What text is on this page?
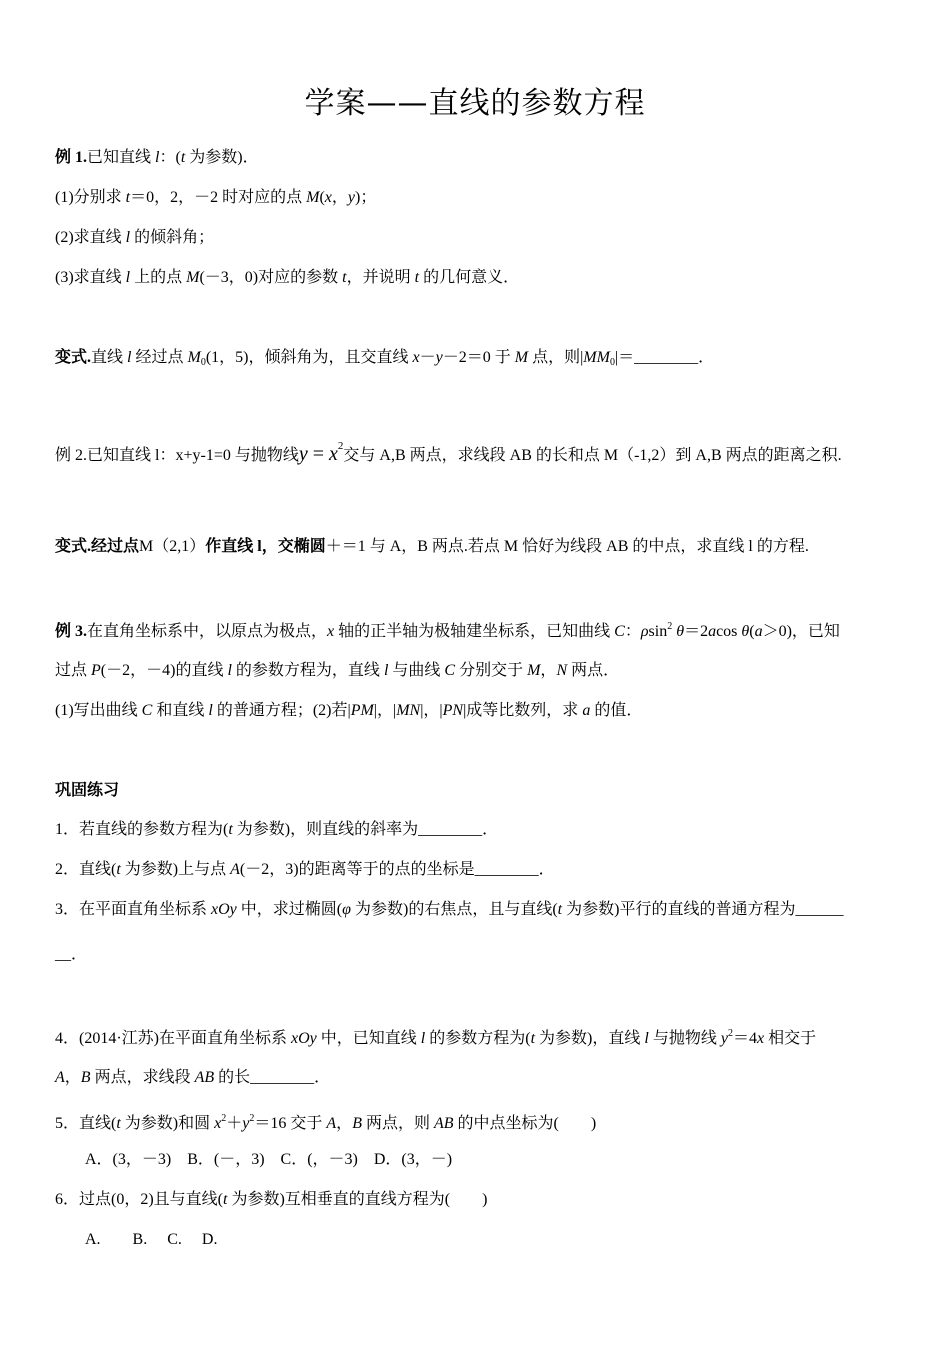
学案——直线的参数方程
例 1.已知直线 l：(t 为参数)．
(1)分别求 t＝0，2，－2 时对应的点 M(x，y)；
(2)求直线 l 的倾斜角；
(3)求直线 l 上的点 M(－3，0)对应的参数 t，并说明 t 的几何意义．
变式.直线 l 经过点 $M_0(1$，5)，倾斜角为，且交直线 x－y－2＝0 于 M 点，则$|MM_0|=\_\_\_\_\_\_\_\_$．
例 2.已知直线 l：x+y-1=0 与抛物线$y = x^2$交与 A,B 两点，求线段 AB 的长和点 M（-1,2）到 A,B 两点的距离之积.
变式.经过点M（2,1）作直线 l，交椭圆＋＝1 与 A，B 两点.若点 M 恰好为线段 AB 的中点，求直线 l 的方程.
例 3.在直角坐标系中，以原点为极点，x 轴的正半轴为极轴建坐标系，已知曲线 C：ρsin$^2$ θ＝2acos θ(a＞0)，已知
过点 P(－2，－4)的直线 l 的参数方程为，直线 l 与曲线 C 分别交于 M，N 两点．
(1)写出曲线 C 和直线 l 的普通方程；(2)若|PM|，|MN|，|PN|成等比数列，求 a 的值．
巩固练习
1．若直线的参数方程为(t 为参数)，则直线的斜率为________．
2．直线(t 为参数)上与点 A(－2，3)的距离等于的点的坐标是________．
3．在平面直角坐标系 xOy 中，求过椭圆(φ 为参数)的右焦点，且与直线(t 为参数)平行的直线的普通方程为______
__．
4．(2014·江苏)在平面直角坐标系 xOy 中，已知直线 l 的参数方程为(t 为参数)，直线 l 与抛物线 $y^2=4x$ 相交于
A，B 两点，求线段 AB 的长________．
5．直线(t 为参数)和圆 $x^2+y^2=16$ 交于 A，B 两点，则 AB 的中点坐标为(　　)
A．(3，－3)　B．(－，3)　C．(，－3)　D．(3，－)
6．过点(0，2)且与直线(t 为参数)互相垂直的直线方程为(　　)
A.　　B.　 C.　 D.
